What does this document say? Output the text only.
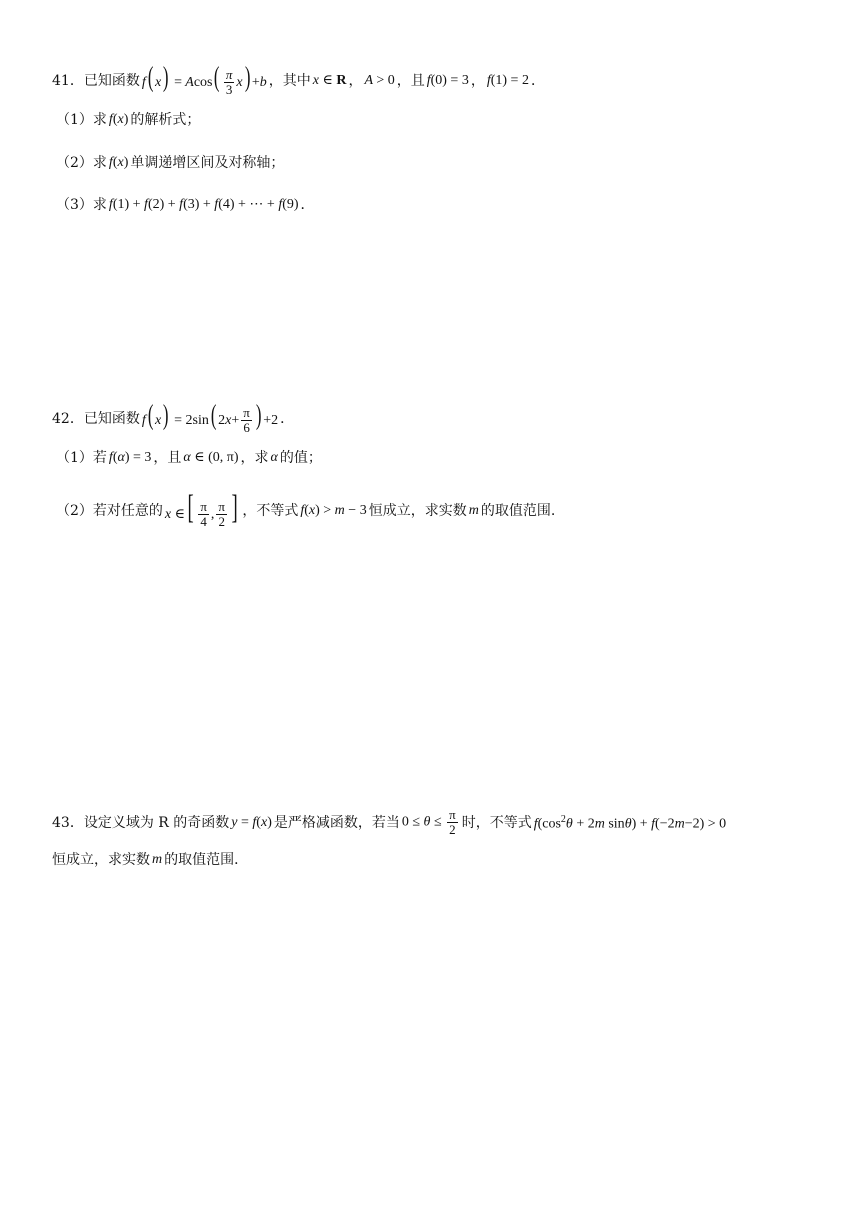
41． 已知函数 f( $x) = Acos( \frac{\pi}{3} x) +b$ ，其中 x ∈ R ， A > 0 ，且 f(0) = 3 ， f(1) = 2 ．
（1）求 f(x) 的解析式；
（2）求 f(x) 单调递增区间及对称轴；
（3）求 f(1) + f(2) + f(3) + f(4) + ⋯ + f(9) ．
42． 已知函数 f( x) = 2sin( $2x+ \frac{\pi}{6}$ ) +2 ．
（1）若 f(α) = 3 ，且 α ∈ (0, π) ，求 α 的值；
（2）若对任意的 x ∈[ $\frac{\pi}{4}$ , $\frac{\pi}{2}$ ] ，不等式 f(x) > m − 3 恒成立，求实数 m 的取值范围.
43． 设定义域为 R 的奇函数 y = f(x) 是严格减函数，若当 $0 \le \theta \le \frac{\pi}{2}$ 时，不等式 $f(\cos^2\theta + 2m$ sinθ) + f(−2m−2) > 0
恒成立，求实数 m 的取值范围．
